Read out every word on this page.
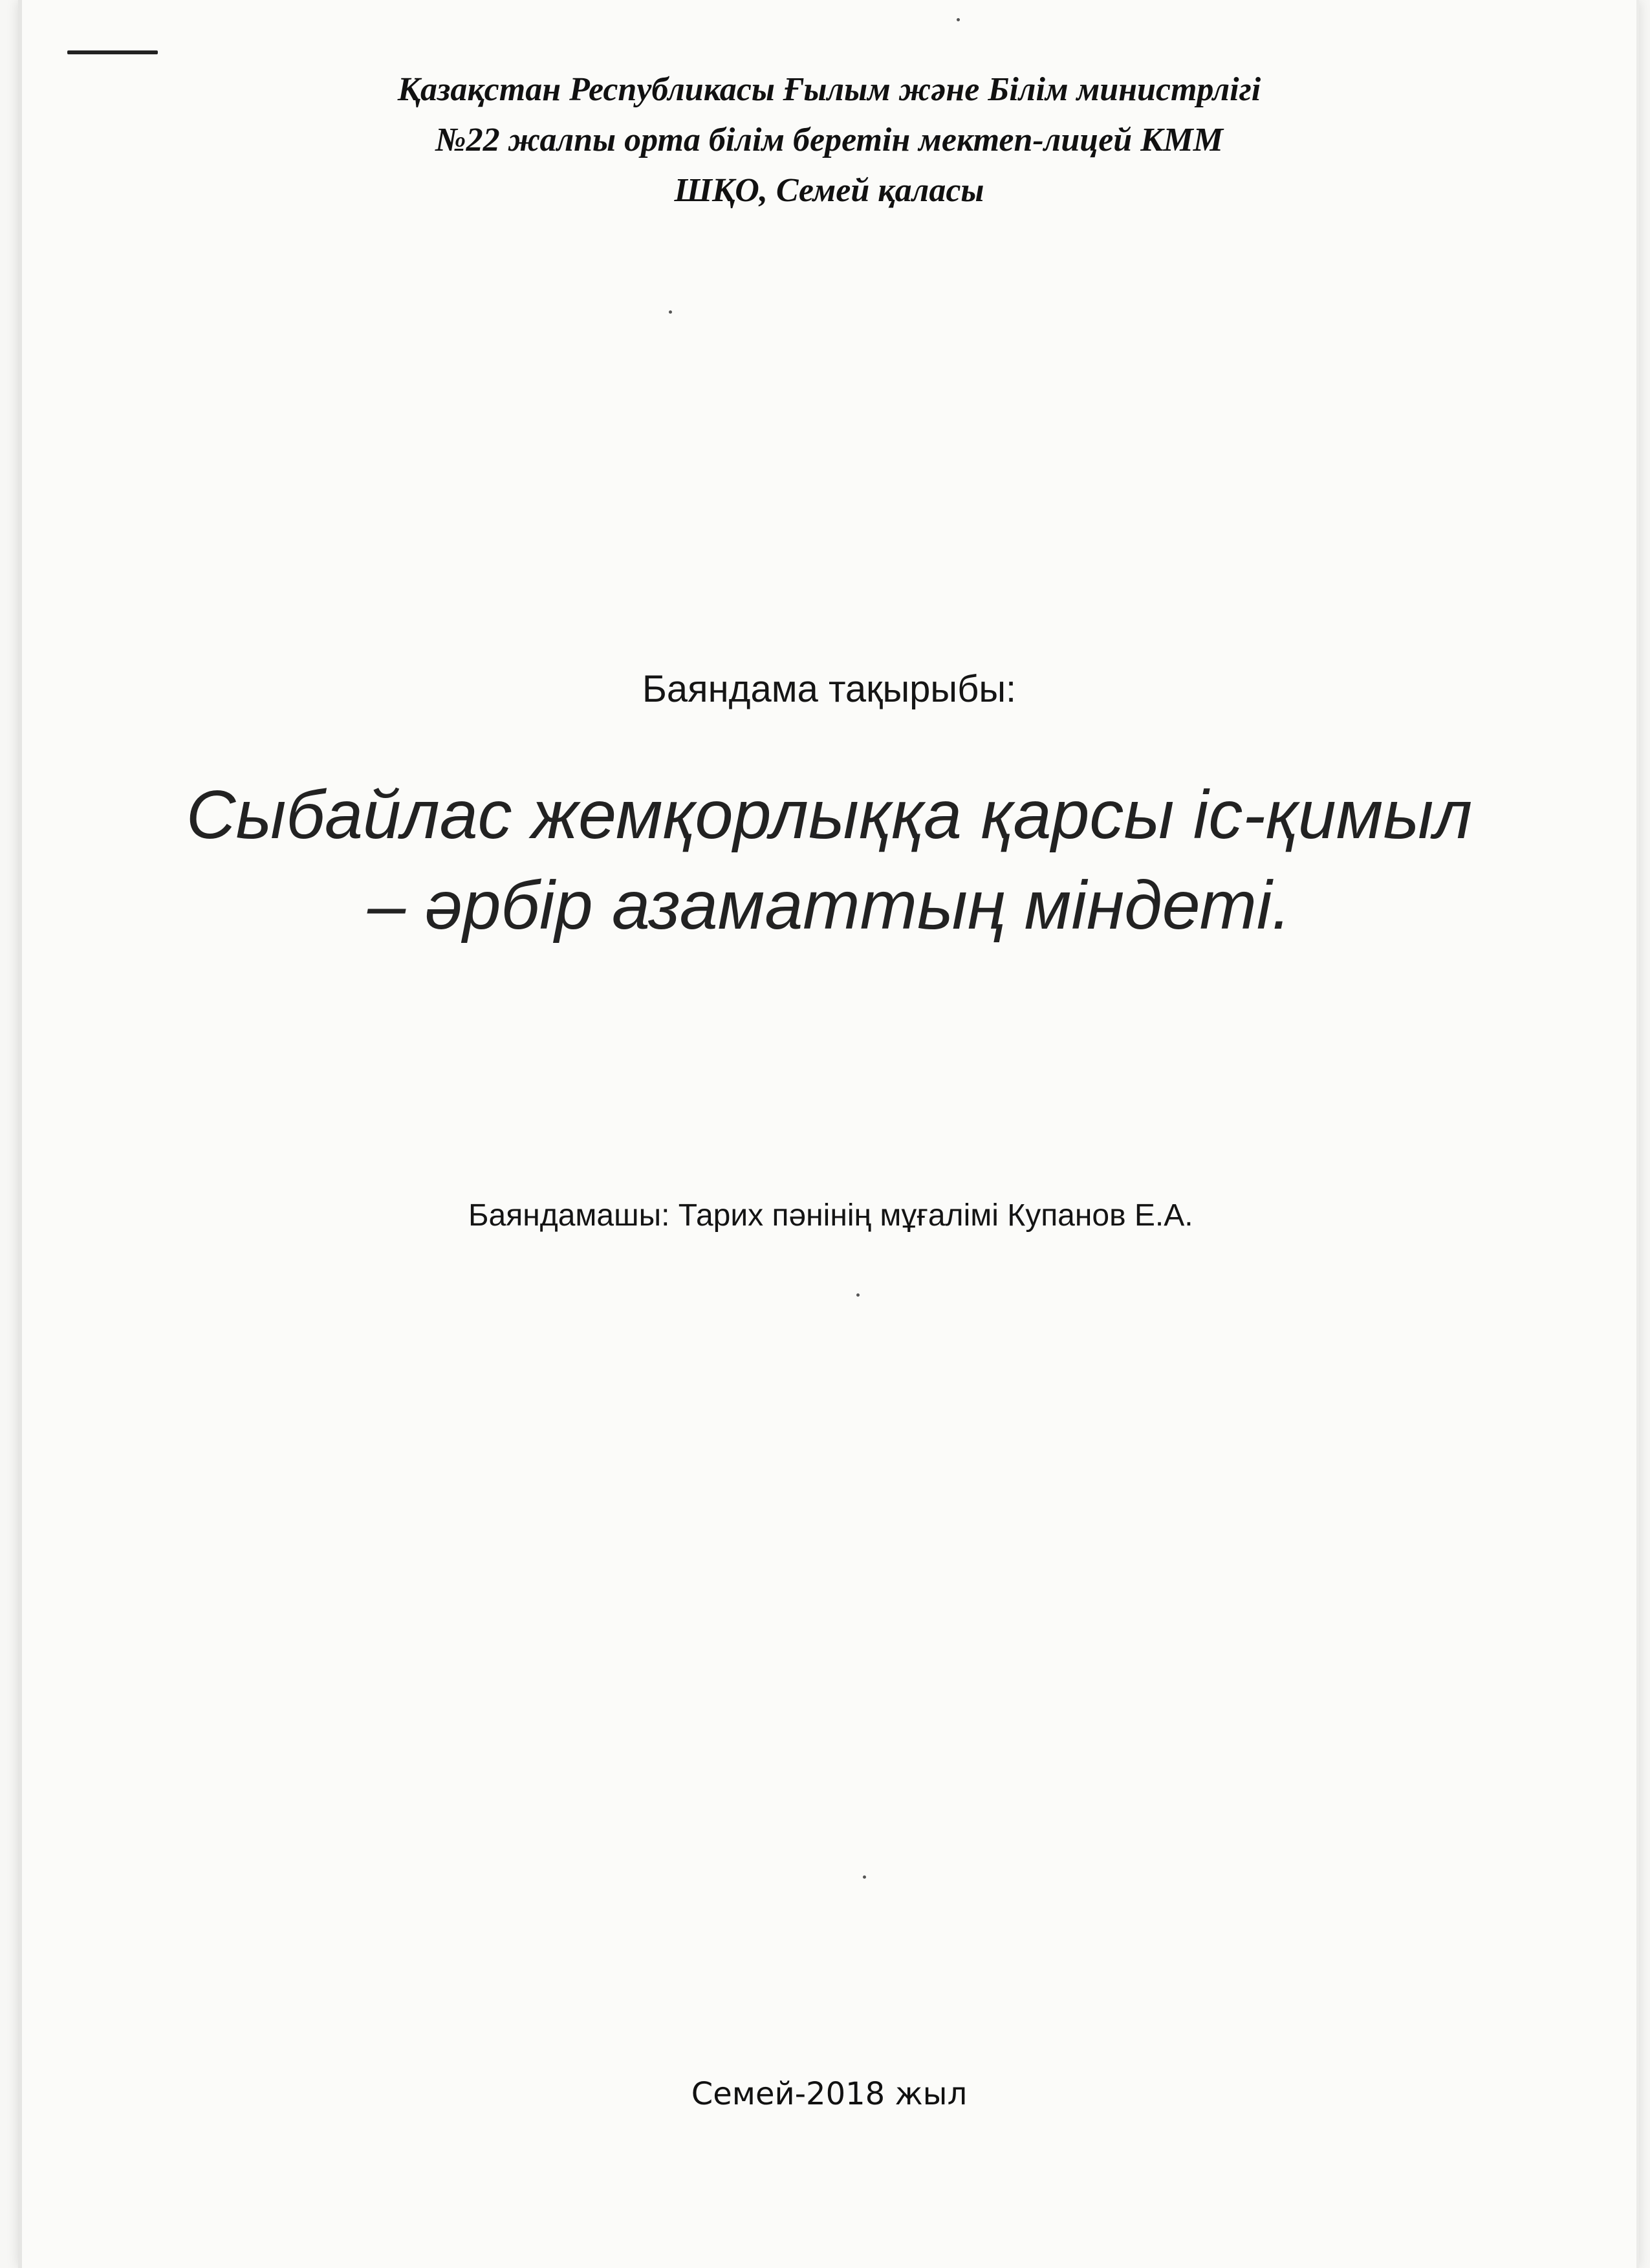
Қазақстан Республикасы Ғылым және Білім министрлігі
№22 жалпы орта білім беретін мектеп-лицей КММ
ШҚО, Семей қаласы
Баяндама тақырыбы:
Сыбайлас жемқорлыққа қарсы іс-қимыл
– әрбір азаматтың міндеті.
Баяндамашы: Тарих пәнінің мұғалімі Купанов Е.А.
Семей-2018 жыл
